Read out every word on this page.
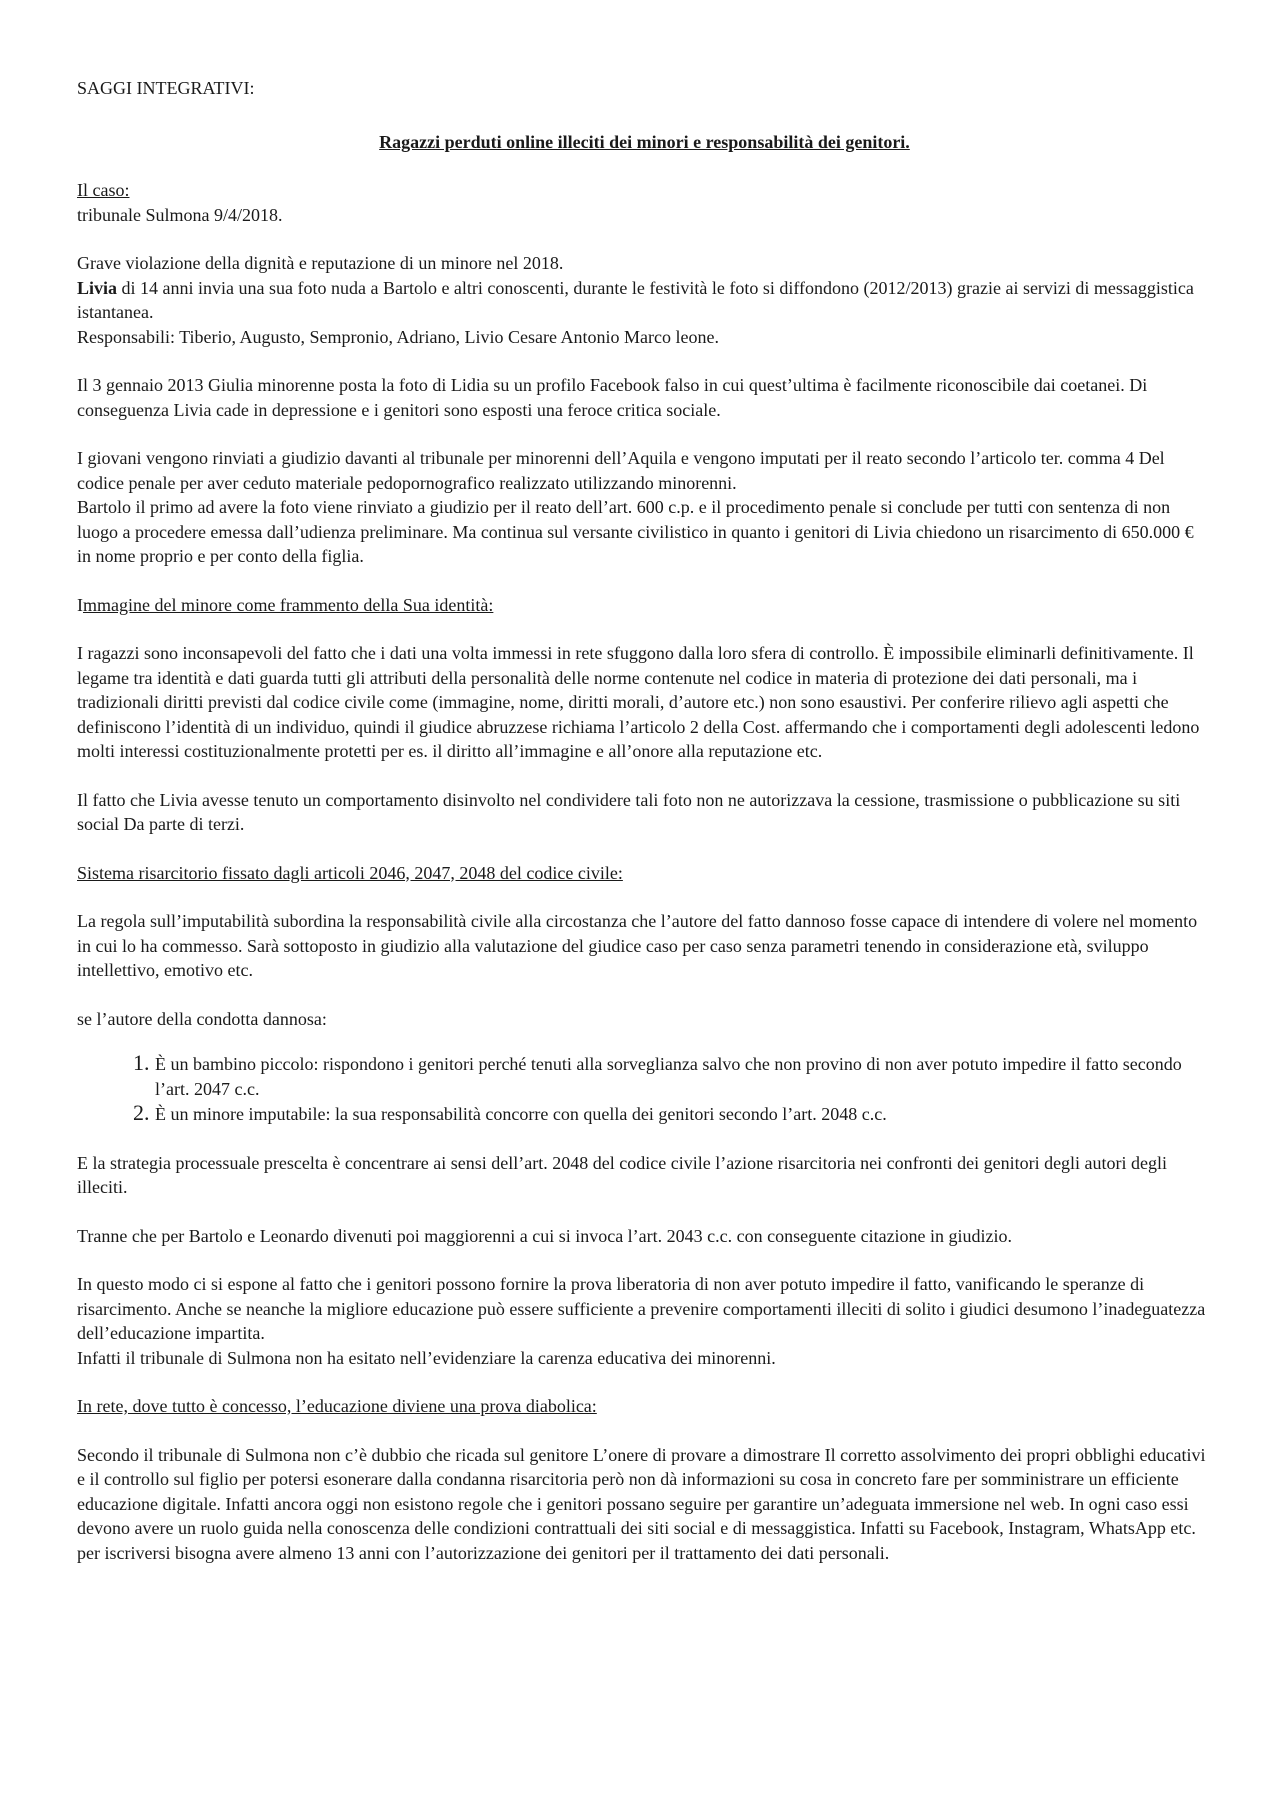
SAGGI INTEGRATIVI:

Ragazzi perduti online illeciti dei minori e responsabilità dei genitori.

Il caso:

tribunale Sulmona 9/4/2018.

Grave violazione della dignità e reputazione di un minore nel 2018.

Livia di 14 anni invia una sua foto nuda a Bartolo e altri conoscenti, durante le festività le foto si diffondono (2012/2013) grazie ai servizi di messaggistica istantanea.

Responsabili: Tiberio, Augusto, Sempronio, Adriano, Livio Cesare Antonio Marco leone.

Il 3 gennaio 2013 Giulia minorenne posta la foto di Lidia su un profilo Facebook falso in cui quest’ultima è facilmente riconoscibile dai coetanei. Di conseguenza Livia cade in depressione e i genitori sono esposti una feroce critica sociale.

I giovani vengono rinviati a giudizio davanti al tribunale per minorenni dell’Aquila e vengono imputati per il reato secondo l’articolo ter. comma 4 Del codice penale per aver ceduto materiale pedopornografico realizzato utilizzando minorenni.

Bartolo il primo ad avere la foto viene rinviato a giudizio per il reato dell’art. 600 c.p. e il procedimento penale si conclude per tutti con sentenza di non luogo a procedere emessa dall’udienza preliminare. Ma continua sul versante civilistico in quanto i genitori di Livia chiedono un risarcimento di 650.000 € in nome proprio e per conto della figlia.

Immagine del minore come frammento della Sua identità:

I ragazzi sono inconsapevoli del fatto che i dati una volta immessi in rete sfuggono dalla loro sfera di controllo. È impossibile eliminarli definitivamente. Il legame tra identità e dati guarda tutti gli attributi della personalità delle norme contenute nel codice in materia di protezione dei dati personali, ma i tradizionali diritti previsti dal codice civile come (immagine, nome, diritti morali, d’autore etc.) non sono esaustivi. Per conferire rilievo agli aspetti che definiscono l’identità di un individuo, quindi il giudice abruzzese richiama l’articolo 2 della Cost. affermando che i comportamenti degli adolescenti ledono molti interessi costituzionalmente protetti per es. il diritto all’immagine e all’onore alla reputazione etc.

Il fatto che Livia avesse tenuto un comportamento disinvolto nel condividere tali foto non ne autorizzava la cessione, trasmissione o pubblicazione su siti social Da parte di terzi.

Sistema risarcitorio fissato dagli articoli 2046, 2047, 2048 del codice civile:

La regola sull’imputabilità subordina la responsabilità civile alla circostanza che l’autore del fatto dannoso fosse capace di intendere di volere nel momento in cui lo ha commesso. Sarà sottoposto in giudizio alla valutazione del giudice caso per caso senza parametri tenendo in considerazione età, sviluppo intellettivo, emotivo etc.

se l’autore della condotta dannosa:

1. È un bambino piccolo: rispondono i genitori perché tenuti alla sorveglianza salvo che non provino di non aver potuto impedire il fatto secondo l’art. 2047 c.c.
2. È un minore imputabile: la sua responsabilità concorre con quella dei genitori secondo l’art. 2048 c.c.

E la strategia processuale prescelta è concentrare ai sensi dell’art. 2048 del codice civile l’azione risarcitoria nei confronti dei genitori degli autori degli illeciti.

Tranne che per Bartolo e Leonardo divenuti poi maggiorenni a cui si invoca l’art. 2043 c.c. con conseguente citazione in giudizio.

In questo modo ci si espone al fatto che i genitori possono fornire la prova liberatoria di non aver potuto impedire il fatto, vanificando le speranze di risarcimento. Anche se neanche la migliore educazione può essere sufficiente a prevenire comportamenti illeciti di solito i giudici desumono l’inadeguatezza dell’educazione impartita.

Infatti il tribunale di Sulmona non ha esitato nell’evidenziare la carenza educativa dei minorenni.

In rete, dove tutto è concesso, l’educazione diviene una prova diabolica:

Secondo il tribunale di Sulmona non c’è dubbio che ricada sul genitore L’onere di provare a dimostrare Il corretto assolvimento dei propri obblighi educativi e il controllo sul figlio per potersi esonerare dalla condanna risarcitoria però non dà informazioni su cosa in concreto fare per somministrare un efficiente educazione digitale. Infatti ancora oggi non esistono regole che i genitori possano seguire per garantire un’adeguata immersione nel web. In ogni caso essi devono avere un ruolo guida nella conoscenza delle condizioni contrattuali dei siti social e di messaggistica. Infatti su Facebook, Instagram, WhatsApp etc. per iscriversi bisogna avere almeno 13 anni con l’autorizzazione dei genitori per il trattamento dei dati personali.
